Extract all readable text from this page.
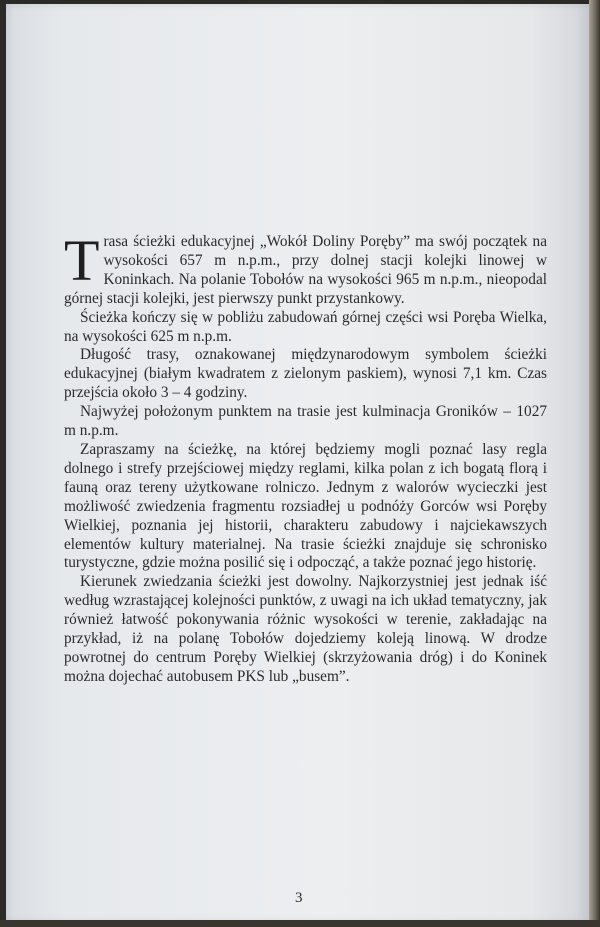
Trasa ścieżki edukacyjnej „Wokół Doliny Poręby” ma swój początek na wysokości 657 m n.p.m., przy dolnej stacji kolejki linowej w Koninkach. Na polanie Tobołów na wysokości 965 m n.p.m., nieopodal górnej stacji kolejki, jest pierwszy punkt przystankowy.

Ścieżka kończy się w pobliżu zabudowań górnej części wsi Poręba Wielka, na wysokości 625 m n.p.m.

Długość trasy, oznakowanej międzynarodowym symbolem ścieżki edukacyjnej (białym kwadratem z zielonym paskiem), wynosi 7,1 km. Czas przejścia około 3 – 4 godziny.

Najwyżej położonym punktem na trasie jest kulminacja Groników – 1027 m n.p.m.

Zapraszamy na ścieżkę, na której będziemy mogli poznać lasy regla dolnego i strefy przejściowej między reglami, kilka polan z ich bogatą florą i fauną oraz tereny użytkowane rolniczo. Jednym z walorów wycieczki jest możliwość zwiedzenia fragmentu rozsiadłej u podnóży Gorców wsi Poręby Wielkiej, poznania jej historii, charakteru zabudowy i najciekawszych elementów kultury materialnej. Na trasie ścieżki znajduje się schronisko turystyczne, gdzie można posilić się i odpocząć, a także poznać jego historię.

Kierunek zwiedzania ścieżki jest dowolny. Najkorzystniej jest jednak iść według wzrastającej kolejności punktów, z uwagi na ich układ tematyczny, jak również łatwość pokonywania różnic wysokości w terenie, zakładając na przykład, iż na polanę Tobołów dojedziemy koleją linową. W drodze powrotnej do centrum Poręby Wielkiej (skrzyżowania dróg) i do Koninek można dojechać autobusem PKS lub „busem”.

3
